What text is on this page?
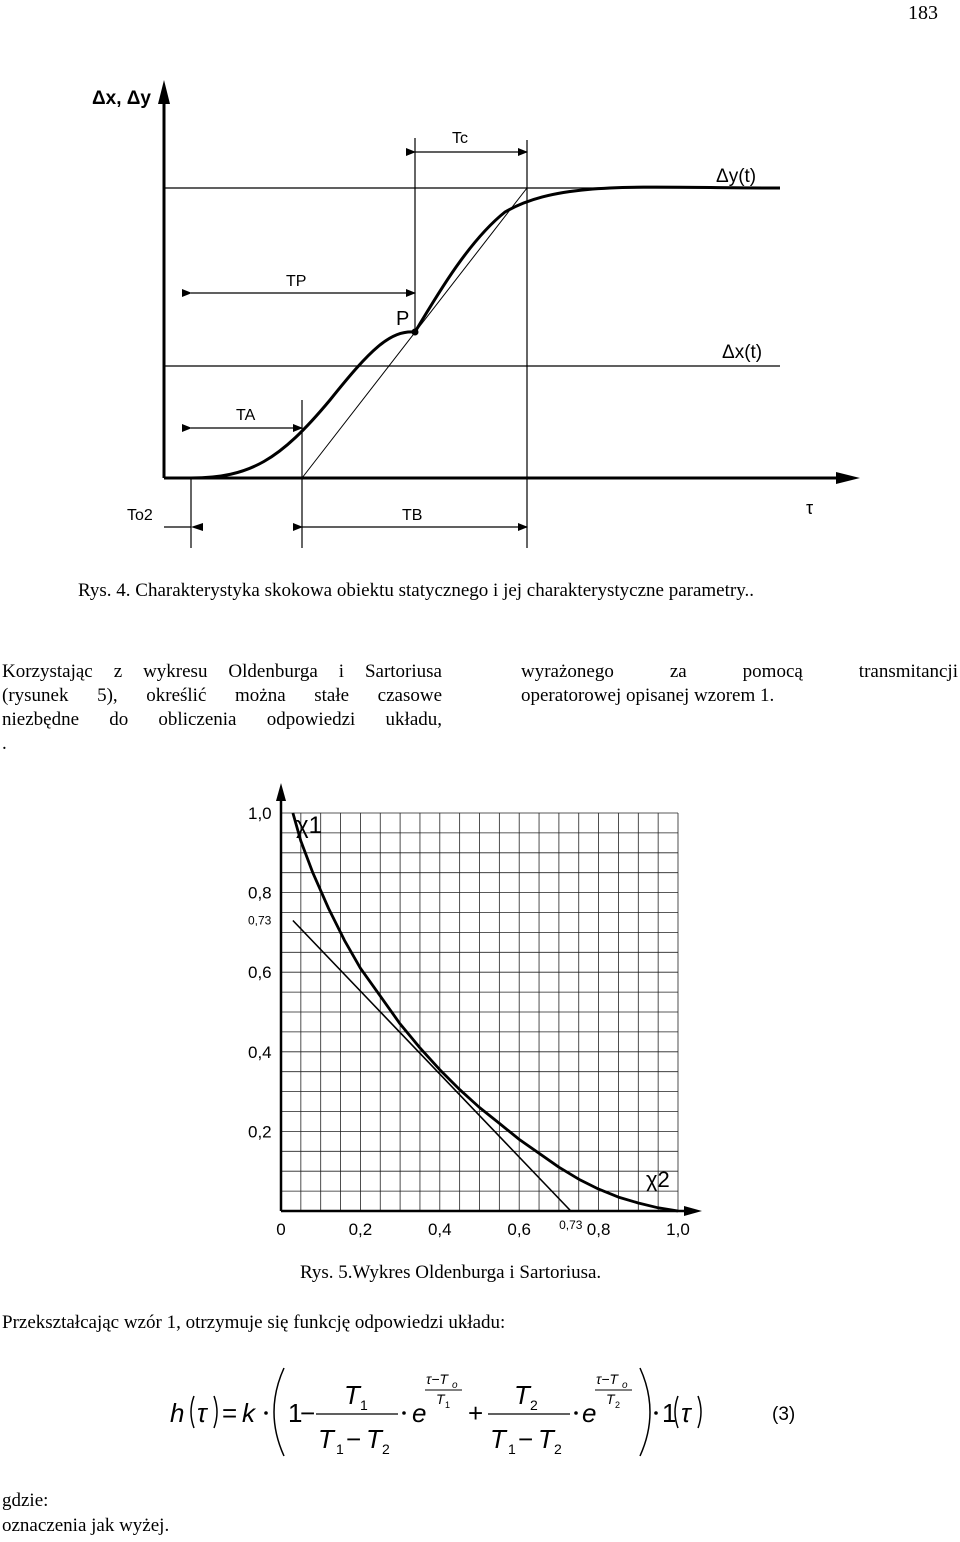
183
Δx, Δy
τ
P
Tc
TP
TA
TB
To2
Δy(t)
Δx(t)
Rys. 4. Charakterystyka skokowa obiektu statycznego i jej charakterystyczne parametry..
Korzystając z wykresu Oldenburga i Sartoriusa
(rysunek 5), określić można stałe czasowe
niezbędne do obliczenia odpowiedzi układu,
.
wyrażonego za pomocą transmitancji
operatorowej opisanej wzorem 1.
0	0,2	0,4	0,6 0,73 0,8	1,0
1,0
0,8
0,73
0,6
0,4
0,2
χ1
χ2
Rys. 5.Wykres Oldenburga i Sartoriusa.
Przekształcając wzór 1, otrzymuje się funkcję odpowiedzi układu:
h τ = k 1
−
T 1
T 1 − T 2
e
τ−T o
T 1 +
T 2
T 1 − T 2
e
τ−T o
T 2 1 τ	(3)
gdzie:
oznaczenia jak wyżej.
